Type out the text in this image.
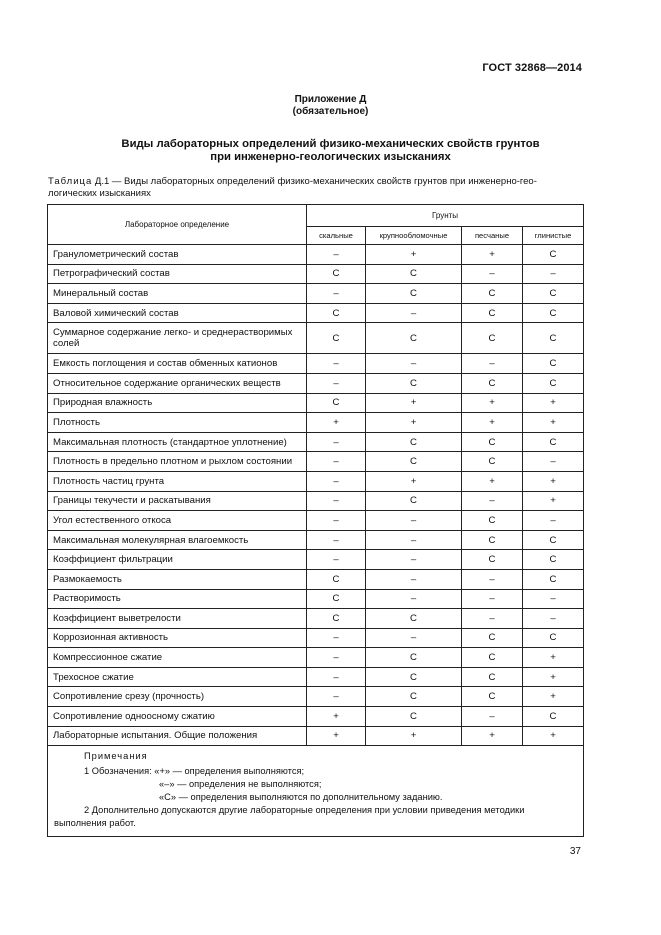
ГОСТ 32868—2014
Приложение Д
(обязательное)
Виды лабораторных определений физико-механических свойств грунтов
при инженерно-геологических изысканиях
Таблица Д.1 — Виды лабораторных определений физико-механических свойств грунтов при инженерно-гео- логических изысканиях
Лабораторное определение	Грунты			
	скальные	крупнообломочные	песчаные	глинистые
Гранулометрический состав	–	+	+	С
Петрографический состав	С	С	–	–
Минеральный состав	–	С	С	С
Валовой химический состав	С	–	С	С
Суммарное содержание легко- и среднерастворимых солей	С	С	С	С
Емкость поглощения и состав обменных катионов	–	–	–	С
Относительное содержание органических веществ	–	С	С	С
Природная влажность	С	+	+	+
Плотность	+	+	+	+
Максимальная плотность (стандартное уплотнение)	–	С	С	С
Плотность в предельно плотном и рыхлом состоянии	–	С	С	–
Плотность частиц грунта	–	+	+	+
Границы текучести и раскатывания	–	С	–	+
Угол естественного откоса	–	–	С	–
Максимальная молекулярная влагоемкость	–	–	С	С
Коэффициент фильтрации	–	–	С	С
Размокаемость	С	–	–	С
Растворимость	С	–	–	–
Коэффициент выветрелости	С	С	–	–
Коррозионная активность	–	–	С	С
Компрессионное сжатие	–	С	С	+
Трехосное сжатие	–	С	С	+
Сопротивление срезу (прочность)	–	С	С	+
Сопротивление одноосному сжатию	+	С	–	С
Лабораторные испытания. Общие положения	+	+	+	+

Примечания
1 Обозначения: «+» — определения выполняются;
«–» — определения не выполняются;
«С» — определения выполняются по дополнительному заданию.
2 Дополнительно допускаются другие лабораторные определения при условии приведения методики выполнения работ.				
37
